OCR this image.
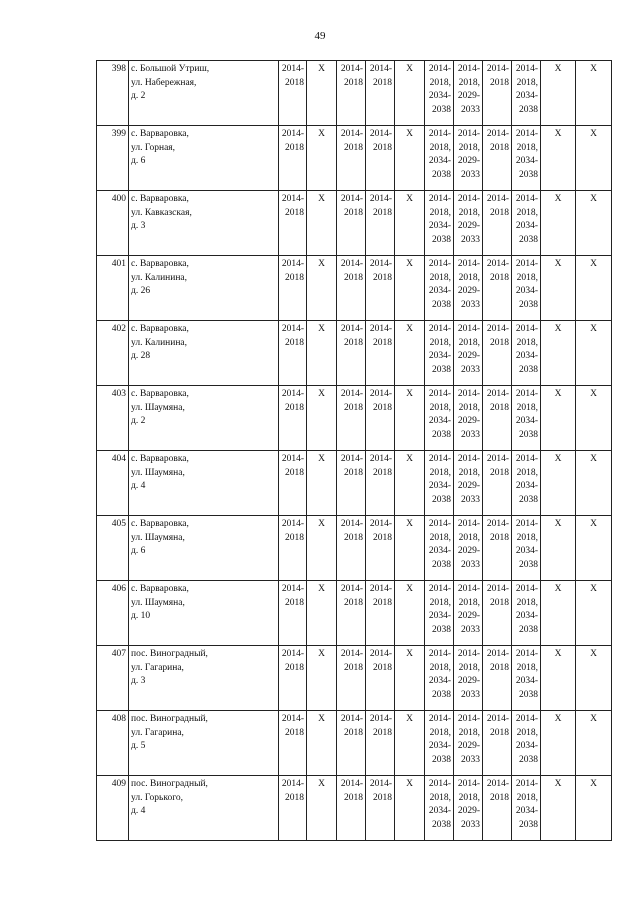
49
398	с. Большой Утриш,
ул. Набережная,
д. 2	2014-
2018	X	2014-
2018	2014-
2018	X	2014-
2018,
2034-
2038	2014-
2018,
2029-
2033	2014-
2018	2014-
2018,
2034-
2038	X	X
399	с. Варваровка,
ул. Горная,
д. 6	2014-
2018	X	2014-
2018	2014-
2018	X	2014-
2018,
2034-
2038	2014-
2018,
2029-
2033	2014-
2018	2014-
2018,
2034-
2038	X	X
400	с. Варваровка,
ул. Кавказская,
д. 3	2014-
2018	X	2014-
2018	2014-
2018	X	2014-
2018,
2034-
2038	2014-
2018,
2029-
2033	2014-
2018	2014-
2018,
2034-
2038	X	X
401	с. Варваровка,
ул. Калинина,
д. 26	2014-
2018	X	2014-
2018	2014-
2018	X	2014-
2018,
2034-
2038	2014-
2018,
2029-
2033	2014-
2018	2014-
2018,
2034-
2038	X	X
402	с. Варваровка,
ул. Калинина,
д. 28	2014-
2018	X	2014-
2018	2014-
2018	X	2014-
2018,
2034-
2038	2014-
2018,
2029-
2033	2014-
2018	2014-
2018,
2034-
2038	X	X
403	с. Варваровка,
ул. Шаумяна,
д. 2	2014-
2018	X	2014-
2018	2014-
2018	X	2014-
2018,
2034-
2038	2014-
2018,
2029-
2033	2014-
2018	2014-
2018,
2034-
2038	X	X
404	с. Варваровка,
ул. Шаумяна,
д. 4	2014-
2018	X	2014-
2018	2014-
2018	X	2014-
2018,
2034-
2038	2014-
2018,
2029-
2033	2014-
2018	2014-
2018,
2034-
2038	X	X
405	с. Варваровка,
ул. Шаумяна,
д. 6	2014-
2018	X	2014-
2018	2014-
2018	X	2014-
2018,
2034-
2038	2014-
2018,
2029-
2033	2014-
2018	2014-
2018,
2034-
2038	X	X
406	с. Варваровка,
ул. Шаумяна,
д. 10	2014-
2018	X	2014-
2018	2014-
2018	X	2014-
2018,
2034-
2038	2014-
2018,
2029-
2033	2014-
2018	2014-
2018,
2034-
2038	X	X
407	пос. Виноградный,
ул. Гагарина,
д. 3	2014-
2018	X	2014-
2018	2014-
2018	X	2014-
2018,
2034-
2038	2014-
2018,
2029-
2033	2014-
2018	2014-
2018,
2034-
2038	X	X
408	пос. Виноградный,
ул. Гагарина,
д. 5	2014-
2018	X	2014-
2018	2014-
2018	X	2014-
2018,
2034-
2038	2014-
2018,
2029-
2033	2014-
2018	2014-
2018,
2034-
2038	X	X
409	пос. Виноградный,
ул. Горького,
д. 4	2014-
2018	X	2014-
2018	2014-
2018	X	2014-
2018,
2034-
2038	2014-
2018,
2029-
2033	2014-
2018	2014-
2018,
2034-
2038	X	X
